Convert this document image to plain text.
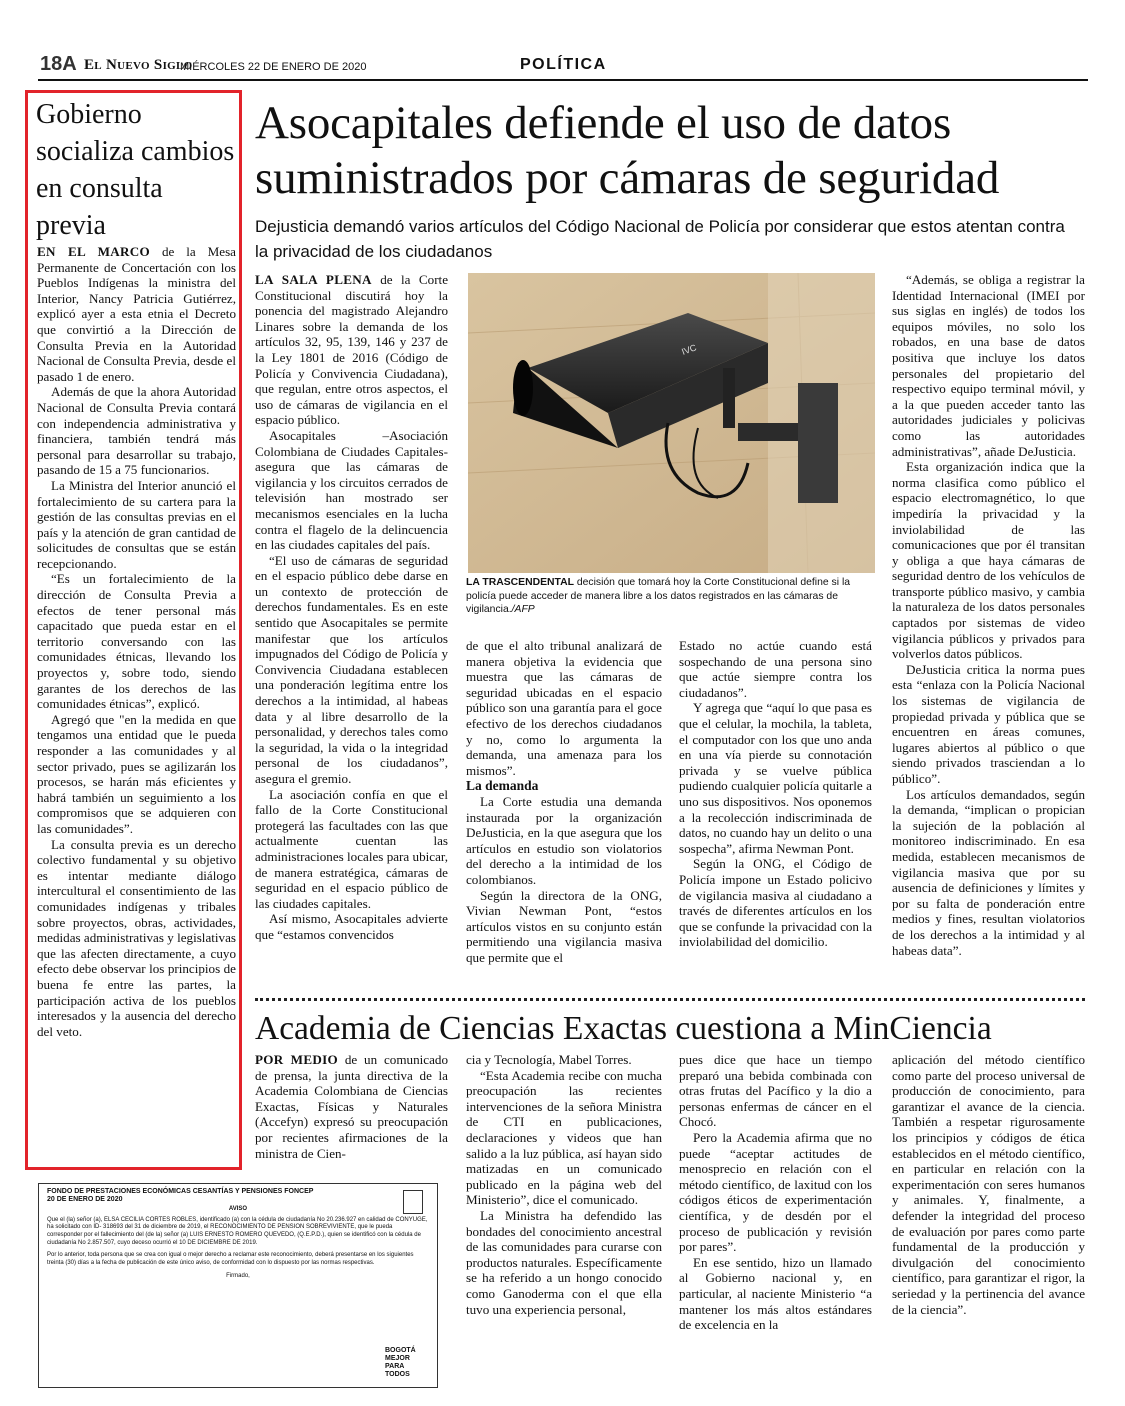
18A El Nuevo Siglo
MIÉRCOLES 22 DE ENERO DE 2020	POLÍTICA
Gobierno socializa cambios en consulta previa

EN EL MARCO de la Mesa Permanente de Concertación con los Pueblos Indígenas la ministra del Interior, Nancy Patricia Gutiérrez, explicó ayer a esta etnia el Decreto que convirtió a la Dirección de Consulta Previa en la Autoridad Nacional de Consulta Previa, desde el pasado 1 de enero.

Además de que la ahora Autoridad Nacional de Consulta Previa contará con independencia administrativa y financiera, también tendrá más personal para desarrollar su trabajo, pasando de 15 a 75 funcionarios.

La Ministra del Interior anunció el fortalecimiento de su cartera para la gestión de las consultas previas en el país y la atención de gran cantidad de solicitudes de consultas que se están recepcionando.

“Es un fortalecimiento de la dirección de Consulta Previa a efectos de tener personal más capacitado que pueda estar en el territorio conversando con las comunidades étnicas, llevando los proyectos y, sobre todo, siendo garantes de los derechos de las comunidades étnicas”, explicó.

Agregó que "en la medida en que tengamos una entidad que le pueda responder a las comunidades y al sector privado, pues se agilizarán los procesos, se harán más eficientes y habrá también un seguimiento a los compromisos que se adquieren con las comunidades”.

La consulta previa es un derecho colectivo fundamental y su objetivo es intentar mediante diálogo intercultural el consentimiento de las comunidades indígenas y tribales sobre proyectos, obras, actividades, medidas administrativas y legislativas que las afecten directamente, a cuyo efecto debe observar los principios de buena fe entre las partes, la participación activa de los pueblos interesados y la ausencia del derecho del veto.

Asocapitales defiende el uso de datos suministrados por cámaras de seguridad
Dejusticia demandó varios artículos del Código Nacional de Policía por considerar que estos atentan contra la privacidad de los ciudadanos

LA SALA PLENA de la Corte Constitucional discutirá hoy la ponencia del magistrado Alejandro Linares sobre la demanda de los artículos 32, 95, 139, 146 y 237 de la Ley 1801 de 2016 (Código de Policía y Convivencia Ciudadana), que regulan, entre otros aspectos, el uso de cámaras de vigilancia en el espacio público.

Asocapitales –Asociación Colombiana de Ciudades Capitales- asegura que las cámaras de vigilancia y los circuitos cerrados de televisión han mostrado ser mecanismos esenciales en la lucha contra el flagelo de la delincuencia en las ciudades capitales del país.

“El uso de cámaras de seguridad en el espacio público debe darse en un contexto de protección de derechos fundamentales. Es en este sentido que Asocapitales se permite manifestar que los artículos impugnados del Código de Policía y Convivencia Ciudadana establecen una ponderación legítima entre los derechos a la intimidad, al habeas data y al libre desarrollo de la personalidad, y derechos tales como la seguridad, la vida o la integridad personal de los ciudadanos”, asegura el gremio.

La asociación confía en que el fallo de la Corte Constitucional protegerá las facultades con las que actualmente cuentan las administraciones locales para ubicar, de manera estratégica, cámaras de seguridad en el espacio público de las ciudades capitales.

Así mismo, Asocapitales advierte que “estamos convencidos

IVC
LA TRASCENDENTAL decisión que tomará hoy la Corte Constitucional define si la policía puede acceder de manera libre a los datos registrados en las cámaras de vigilancia./AFP

de que el alto tribunal analizará de manera objetiva la evidencia que muestra que las cámaras de seguridad ubicadas en el espacio público son una garantía para el goce efectivo de los derechos ciudadanos y no, como lo argumenta la demanda, una amenaza para los mismos”.

La demanda

La Corte estudia una demanda instaurada por la organización DeJusticia, en la que asegura que los artículos en estudio son violatorios del derecho a la intimidad de los colombianos.

Según la directora de la ONG, Vivian Newman Pont, “estos artículos vistos en su conjunto están permitiendo una vigilancia masiva que permite que el

Estado no actúe cuando está sospechando de una persona sino que actúe siempre contra los ciudadanos”.

Y agrega que “aquí lo que pasa es que el celular, la mochila, la tableta, el computador con los que uno anda en una vía pierde su connotación privada y se vuelve pública pudiendo cualquier policía quitarle a uno sus dispositivos. Nos oponemos a la recolección indiscriminada de datos, no cuando hay un delito o una sospecha”, afirma Newman Pont.

Según la ONG, el Código de Policía impone un Estado policivo de vigilancia masiva al ciudadano a través de diferentes artículos en los que se confunde la privacidad con la inviolabilidad del domicilio.

“Además, se obliga a registrar la Identidad Internacional (IMEI por sus siglas en inglés) de todos los equipos móviles, no solo los robados, en una base de datos positiva que incluye los datos personales del propietario del respectivo equipo terminal móvil, y a la que pueden acceder tanto las autoridades judiciales y policivas como las autoridades administrativas”, añade DeJusticia.

Esta organización indica que la norma clasifica como público el espacio electromagnético, lo que impediría la privacidad y la inviolabilidad de las comunicaciones que por él transitan y obliga a que haya cámaras de seguridad dentro de los vehículos de transporte público masivo, y cambia la naturaleza de los datos personales captados por sistemas de video vigilancia públicos y privados para volverlos datos públicos.

DeJusticia critica la norma pues esta “enlaza con la Policía Nacional los sistemas de vigilancia de propiedad privada y pública que se encuentren en áreas comunes, lugares abiertos al público o que siendo privados trasciendan a lo público”.

Los artículos demandados, según la demanda, “implican o propician la sujeción de la población al monitoreo indiscriminado. En esa medida, establecen mecanismos de vigilancia masiva que por su ausencia de definiciones y límites y por su falta de ponderación entre medios y fines, resultan violatorios de los derechos a la intimidad y al habeas data”.

Academia de Ciencias Exactas cuestiona a MinCiencia

POR MEDIO de un comunicado de prensa, la junta directiva de la Academia Colombiana de Ciencias Exactas, Físicas y Naturales (Accefyn) expresó su preocupación por recientes afirmaciones de la ministra de Cien-

cia y Tecnología, Mabel Torres.

“Esta Academia recibe con mucha preocupación las recientes intervenciones de la señora Ministra de CTI en publicaciones, declaraciones y videos que han salido a la luz pública, así hayan sido matizadas en un comunicado publicado en la página web del Ministerio”, dice el comunicado.

La Ministra ha defendido las bondades del conocimiento ancestral de las comunidades para curarse con productos naturales. Específicamente se ha referido a un hongo conocido como Ganoderma con el que ella tuvo una experiencia personal,

pues dice que hace un tiempo preparó una bebida combinada con otras frutas del Pacífico y la dio a personas enfermas de cáncer en el Chocó.

Pero la Academia afirma que no puede “aceptar actitudes de menosprecio en relación con el método científico, de laxitud con los códigos éticos de experimentación científica, y de desdén por el proceso de publicación y revisión por pares”.

En ese sentido, hizo un llamado al Gobierno nacional y, en particular, al naciente Ministerio “a mantener los más altos estándares de excelencia en la

aplicación del método científico como parte del proceso universal de producción de conocimiento, para garantizar el avance de la ciencia. También a respetar rigurosamente los principios y códigos de ética establecidos en el método científico, en particular en relación con la experimentación con seres humanos y animales. Y, finalmente, a defender la integridad del proceso de evaluación por pares como parte fundamental de la producción y divulgación del conocimiento científico, para garantizar el rigor, la seriedad y la pertinencia del avance de la ciencia”.

FONDO DE PRESTACIONES ECONÓMICAS CESANTÍAS Y PENSIONES FONCEP

20 DE ENERO DE 2020

AVISO

Que el (la) señor (a), ELSA CECILIA CORTES ROBLES, identificado (a) con la cédula de ciudadanía No 20.236.927 en calidad de CONYUGE, ha solicitado con ID- 318693 del 31 de diciembre de 2019, el RECONOCIMIENTO DE PENSION SOBREVIVIENTE, que le pueda corresponder por el fallecimiento del (de la) señor (a) LUIS ERNESTO ROMERO QUEVEDO, (Q.E.P.D.), quien se identificó con la cédula de ciudadanía No 2.857.507, cuyo deceso ocurrió el 10 DE DICIEMBRE DE 2019.

Por lo anterior, toda persona que se crea con igual o mejor derecho a reclamar este reconocimiento, deberá presentarse en los siguientes treinta (30) días a la fecha de publicación de este único aviso, de conformidad con lo dispuesto por las normas respectivas.

Firmado,

BOGOTÁ MEJOR PARA TODOS
